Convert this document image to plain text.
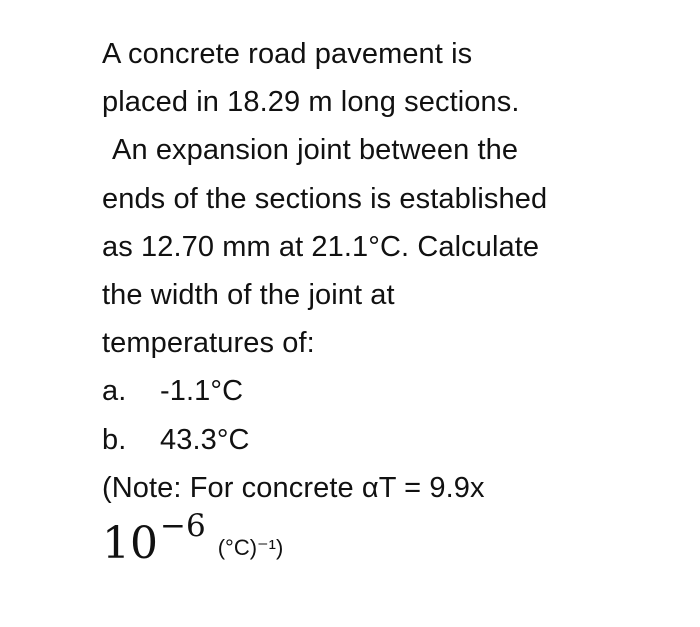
A concrete road pavement is
placed in 18.29 m long sections.
An expansion joint between the
ends of the sections is established
as 12.70 mm at 21.1°C. Calculate
the width of the joint at
temperatures of:
a.	-1.1°C
b.	43.3°C
(Note: For concrete αT = 9.9x
10−6(°C)⁻¹)
